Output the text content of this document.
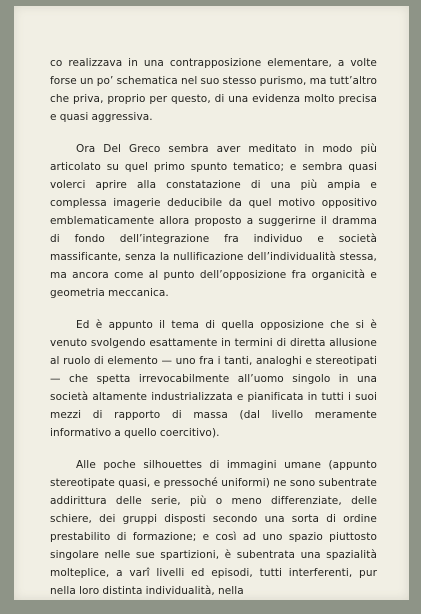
co realizzava in una contrapposizione elementare, a volte forse un po’ schematica nel suo stesso purismo, ma tutt’altro che priva, proprio per questo, di una evidenza molto precisa e quasi aggressiva.

Ora Del Greco sembra aver meditato in modo più articolato su quel primo spunto tematico; e sembra quasi volerci aprire alla constatazione di una più ampia e complessa imagerie deducibile da quel motivo oppositivo emblematicamente allora proposto a suggerirne il dramma di fondo dell’integrazione fra individuo e società massificante, senza la nullificazione dell’individualità stessa, ma ancora come al punto dell’opposizione fra organicità e geometria meccanica.

Ed è appunto il tema di quella opposizione che si è venuto svolgendo esattamente in termini di diretta allusione al ruolo di elemento — uno fra i tanti, analoghi e stereotipati — che spetta irrevocabilmente all’uomo singolo in una società altamente industrializzata e pianificata in tutti i suoi mezzi di rapporto di massa (dal livello meramente informativo a quello coercitivo).

Alle poche silhouettes di immagini umane (appunto stereotipate quasi, e pressoché uniformi) ne sono subentrate addirittura delle serie, più o meno differenziate, delle schiere, dei gruppi disposti secondo una sorta di ordine prestabilito di formazione; e così ad uno spazio piuttosto singolare nelle sue spartizioni, è subentrata una spazialità molteplice, a varî livelli ed episodi, tutti interferenti, pur nella loro distinta individualità, nella
